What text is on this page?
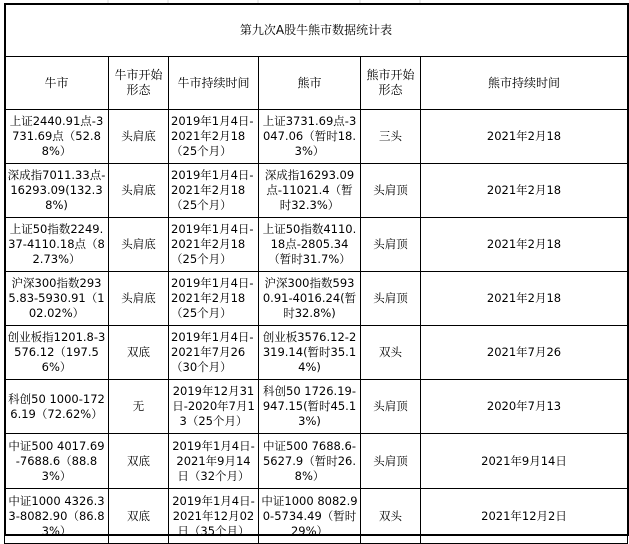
第九次A股牛熊市数据统计表					
牛市	牛市开始形态	牛市持续时间	熊市	熊市开始形态	熊市持续时间
上证2440.91点-3731.69点（52.88%）	头肩底	2019年1月4日-2021年2月18（25个月）	上证3731.69点-3047.06（暂时18.3%）	三头	2021年2月18
深成指7011.33点-16293.09(132.38%)	头肩底	2019年1月4日-2021年2月18（25个月）	深成指16293.09点-11021.4（暂时32.3%）	头肩顶	2021年2月18
上证50指数2249.37-4110.18点（82.73%）	头肩底	2019年1月4日-2021年2月18（25个月）	上证50指数4110.18点-2805.34（暂时31.7%）	头肩顶	2021年2月18
沪深300指数2935.83-5930.91（102.02%）	头肩底	2019年1月4日-2021年2月18（25个月）	沪深300指数5930.91-4016.24(暂时32.8%)	头肩顶	2021年2月18
创业板指1201.8-3576.12（197.56%）	双底	2019年1月4日-2021年7月26（30个月）	创业板3576.12-2319.14(暂时35.14%)	双头	2021年7月26
科创50 1000-1726.19（72.62%）	无	2019年12月31日-2020年7月13（25个月）	科创50 1726.19-947.15(暂时45.13%)	头肩顶	2020年7月13
中证500 4017.69-7688.6（88.83%）	双底	2019年1月4日-2021年9月14日（32个月）	中证500 7688.6-5627.9（暂时26.8%）	头肩顶	2021年9月14日
中证1000 4326.33-8082.90（86.83%）	双底	2019年1月4日-2021年12月02日（35个月）	中证1000 8082.90-5734.49（暂时29%）	双头	2021年12月2日
